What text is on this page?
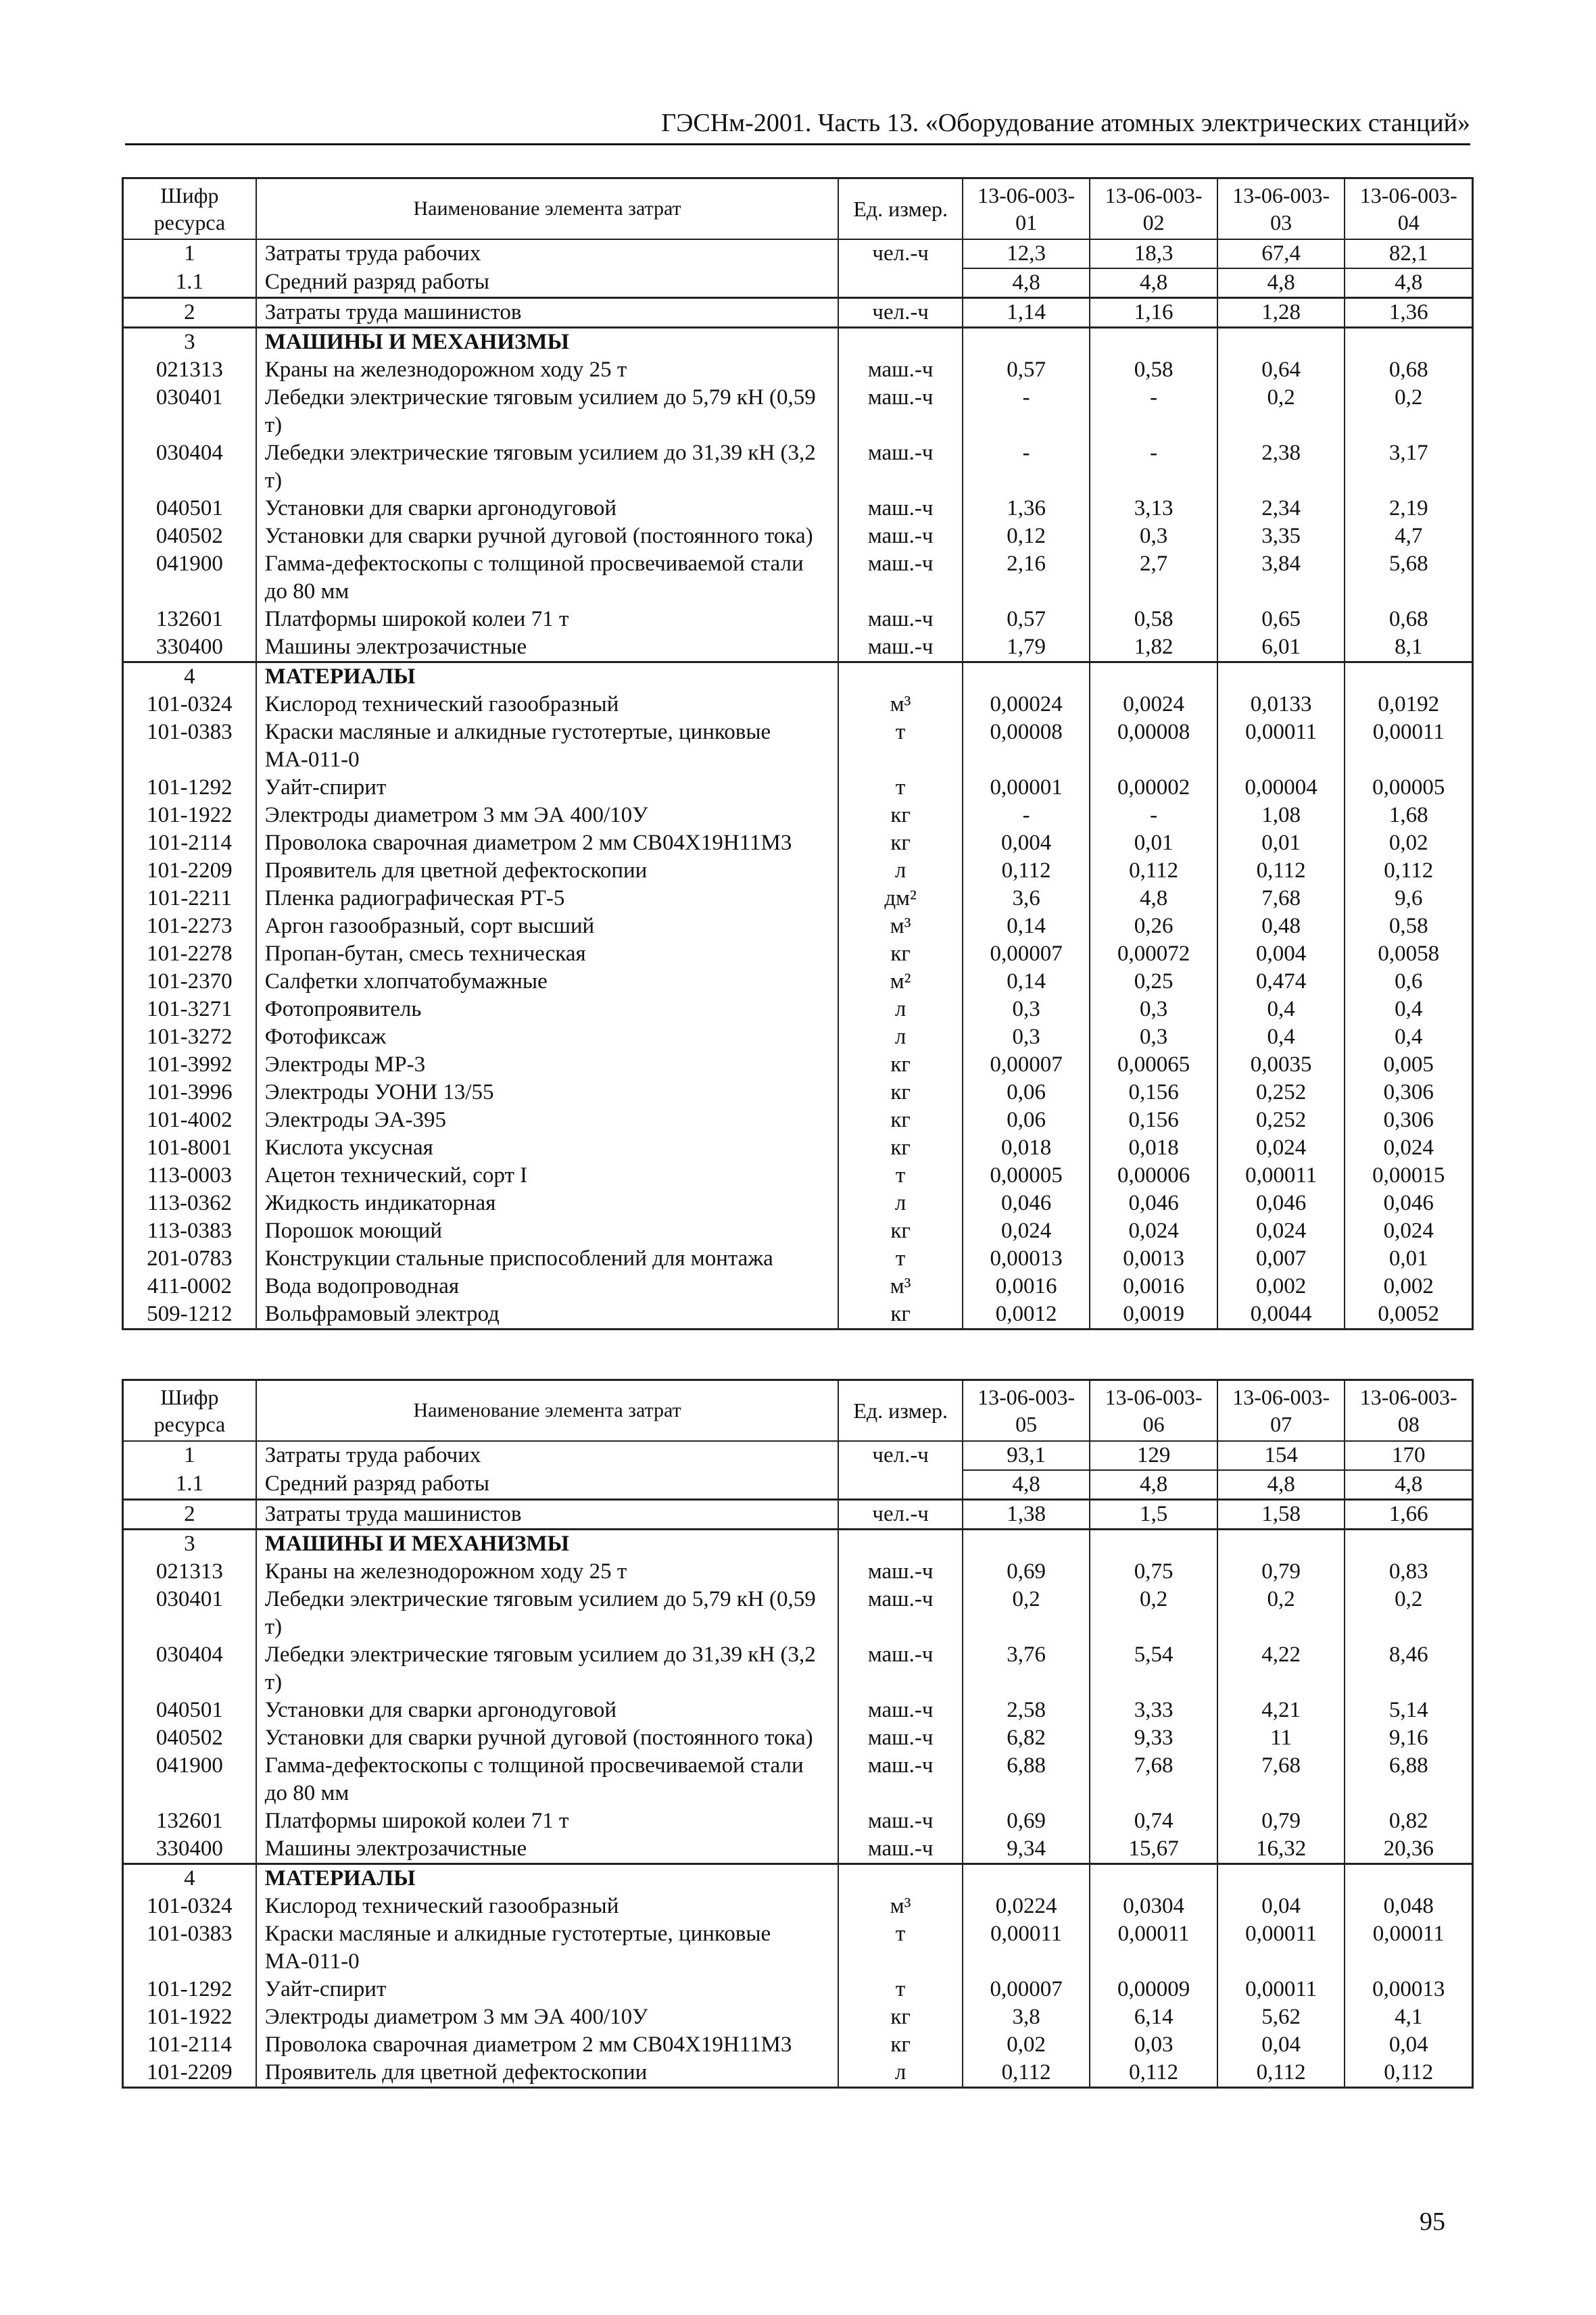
ГЭСНм-2001. Часть 13. «Оборудование атомных электрических станций»
Шифр ресурса	Наименование элемента затрат	Ед. измер.	13-06-003-01	13-06-003-02	13-06-003-03	13-06-003-04
1	Затраты труда рабочих	чел.-ч	12,3	18,3	67,4	82,1
1.1	Средний разряд работы		4,8	4,8	4,8	4,8
2	Затраты труда машинистов	чел.-ч	1,14	1,16	1,28	1,36
3	МАШИНЫ И МЕХАНИЗМЫ					
021313	Краны на железнодорожном ходу 25 т	маш.-ч	0,57	0,58	0,64	0,68
030401	Лебедки электрические тяговым усилием до 5,79 кН (0,59 т)	маш.-ч	-	-	0,2	0,2
030404	Лебедки электрические тяговым усилием до 31,39 кН (3,2 т)	маш.-ч	-	-	2,38	3,17
040501	Установки для сварки аргонодуговой	маш.-ч	1,36	3,13	2,34	2,19
040502	Установки для сварки ручной дуговой (постоянного тока)	маш.-ч	0,12	0,3	3,35	4,7
041900	Гамма-дефектоскопы с толщиной просвечиваемой стали до 80 мм	маш.-ч	2,16	2,7	3,84	5,68
132601	Платформы широкой колеи 71 т	маш.-ч	0,57	0,58	0,65	0,68
330400	Машины электрозачистные	маш.-ч	1,79	1,82	6,01	8,1
4	МАТЕРИАЛЫ					
101-0324	Кислород технический газообразный	м³	0,00024	0,0024	0,0133	0,0192
101-0383	Краски масляные и алкидные густотертые, цинковые МА-011-0	т	0,00008	0,00008	0,00011	0,00011
101-1292	Уайт-спирит	т	0,00001	0,00002	0,00004	0,00005
101-1922	Электроды диаметром 3 мм ЭА 400/10У	кг	-	-	1,08	1,68
101-2114	Проволока сварочная диаметром 2 мм СВ04Х19Н11М3	кг	0,004	0,01	0,01	0,02
101-2209	Проявитель для цветной дефектоскопии	л	0,112	0,112	0,112	0,112
101-2211	Пленка радиографическая РТ-5	дм²	3,6	4,8	7,68	9,6
101-2273	Аргон газообразный, сорт высший	м³	0,14	0,26	0,48	0,58
101-2278	Пропан-бутан, смесь техническая	кг	0,00007	0,00072	0,004	0,0058
101-2370	Салфетки хлопчатобумажные	м²	0,14	0,25	0,474	0,6
101-3271	Фотопроявитель	л	0,3	0,3	0,4	0,4
101-3272	Фотофиксаж	л	0,3	0,3	0,4	0,4
101-3992	Электроды МР-3	кг	0,00007	0,00065	0,0035	0,005
101-3996	Электроды УОНИ 13/55	кг	0,06	0,156	0,252	0,306
101-4002	Электроды ЭА-395	кг	0,06	0,156	0,252	0,306
101-8001	Кислота уксусная	кг	0,018	0,018	0,024	0,024
113-0003	Ацетон технический, сорт I	т	0,00005	0,00006	0,00011	0,00015
113-0362	Жидкость индикаторная	л	0,046	0,046	0,046	0,046
113-0383	Порошок моющий	кг	0,024	0,024	0,024	0,024
201-0783	Конструкции стальные приспособлений для монтажа	т	0,00013	0,0013	0,007	0,01
411-0002	Вода водопроводная	м³	0,0016	0,0016	0,002	0,002
509-1212	Вольфрамовый электрод	кг	0,0012	0,0019	0,0044	0,0052
Шифр ресурса	Наименование элемента затрат	Ед. измер.	13-06-003-05	13-06-003-06	13-06-003-07	13-06-003-08
1	Затраты труда рабочих	чел.-ч	93,1	129	154	170
1.1	Средний разряд работы		4,8	4,8	4,8	4,8
2	Затраты труда машинистов	чел.-ч	1,38	1,5	1,58	1,66
3	МАШИНЫ И МЕХАНИЗМЫ					
021313	Краны на железнодорожном ходу 25 т	маш.-ч	0,69	0,75	0,79	0,83
030401	Лебедки электрические тяговым усилием до 5,79 кН (0,59 т)	маш.-ч	0,2	0,2	0,2	0,2
030404	Лебедки электрические тяговым усилием до 31,39 кН (3,2 т)	маш.-ч	3,76	5,54	4,22	8,46
040501	Установки для сварки аргонодуговой	маш.-ч	2,58	3,33	4,21	5,14
040502	Установки для сварки ручной дуговой (постоянного тока)	маш.-ч	6,82	9,33	11	9,16
041900	Гамма-дефектоскопы с толщиной просвечиваемой стали до 80 мм	маш.-ч	6,88	7,68	7,68	6,88
132601	Платформы широкой колеи 71 т	маш.-ч	0,69	0,74	0,79	0,82
330400	Машины электрозачистные	маш.-ч	9,34	15,67	16,32	20,36
4	МАТЕРИАЛЫ					
101-0324	Кислород технический газообразный	м³	0,0224	0,0304	0,04	0,048
101-0383	Краски масляные и алкидные густотертые, цинковые МА-011-0	т	0,00011	0,00011	0,00011	0,00011
101-1292	Уайт-спирит	т	0,00007	0,00009	0,00011	0,00013
101-1922	Электроды диаметром 3 мм ЭА 400/10У	кг	3,8	6,14	5,62	4,1
101-2114	Проволока сварочная диаметром 2 мм СВ04Х19Н11М3	кг	0,02	0,03	0,04	0,04
101-2209	Проявитель для цветной дефектоскопии	л	0,112	0,112	0,112	0,112
95
